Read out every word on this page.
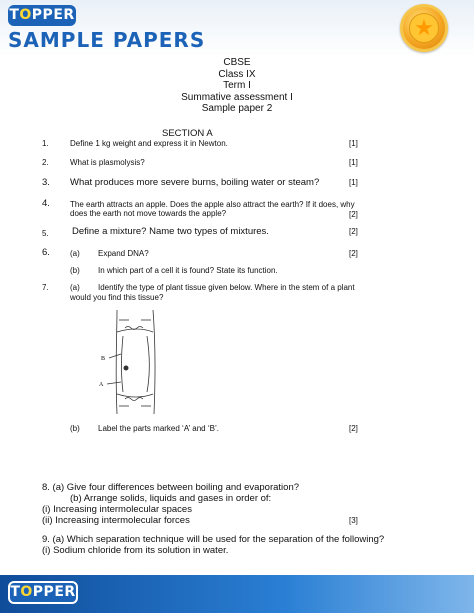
TOPPER
SAMPLE PAPERS	★
CBSE
Class IX
Term I
Summative assessment I
Sample paper 2
SECTION A
1.	Define 1 kg weight and express it in Newton.	[1]
2.	What is plasmolysis?	[1]
3. What produces more severe burns, boiling water or steam?	[1]
4.	The earth attracts an apple. Does the apple also attract the earth? If it does, why
does the earth not move towards the apple?	[2]
5. Define a mixture? Name two types of mixtures.	[2]
6.	(a) Expand DNA?	[2]
(b) In which part of a cell it is found? State its function.
7.	(a) Identify the type of plant tissue given below. Where in the stem of a plant
would you find this tissue?
B
A
(b) Label the parts marked ‘A’ and ‘B’.	[2]
8. (a) Give four differences between boiling and evaporation?
(b) Arrange solids, liquids and gases in order of:
(i) Increasing intermolecular spaces
(ii) Increasing intermolecular forces	[3]
9. (a) Which separation technique will be used for the separation of the following?
(i) Sodium chloride from its solution in water.
TOPPER
